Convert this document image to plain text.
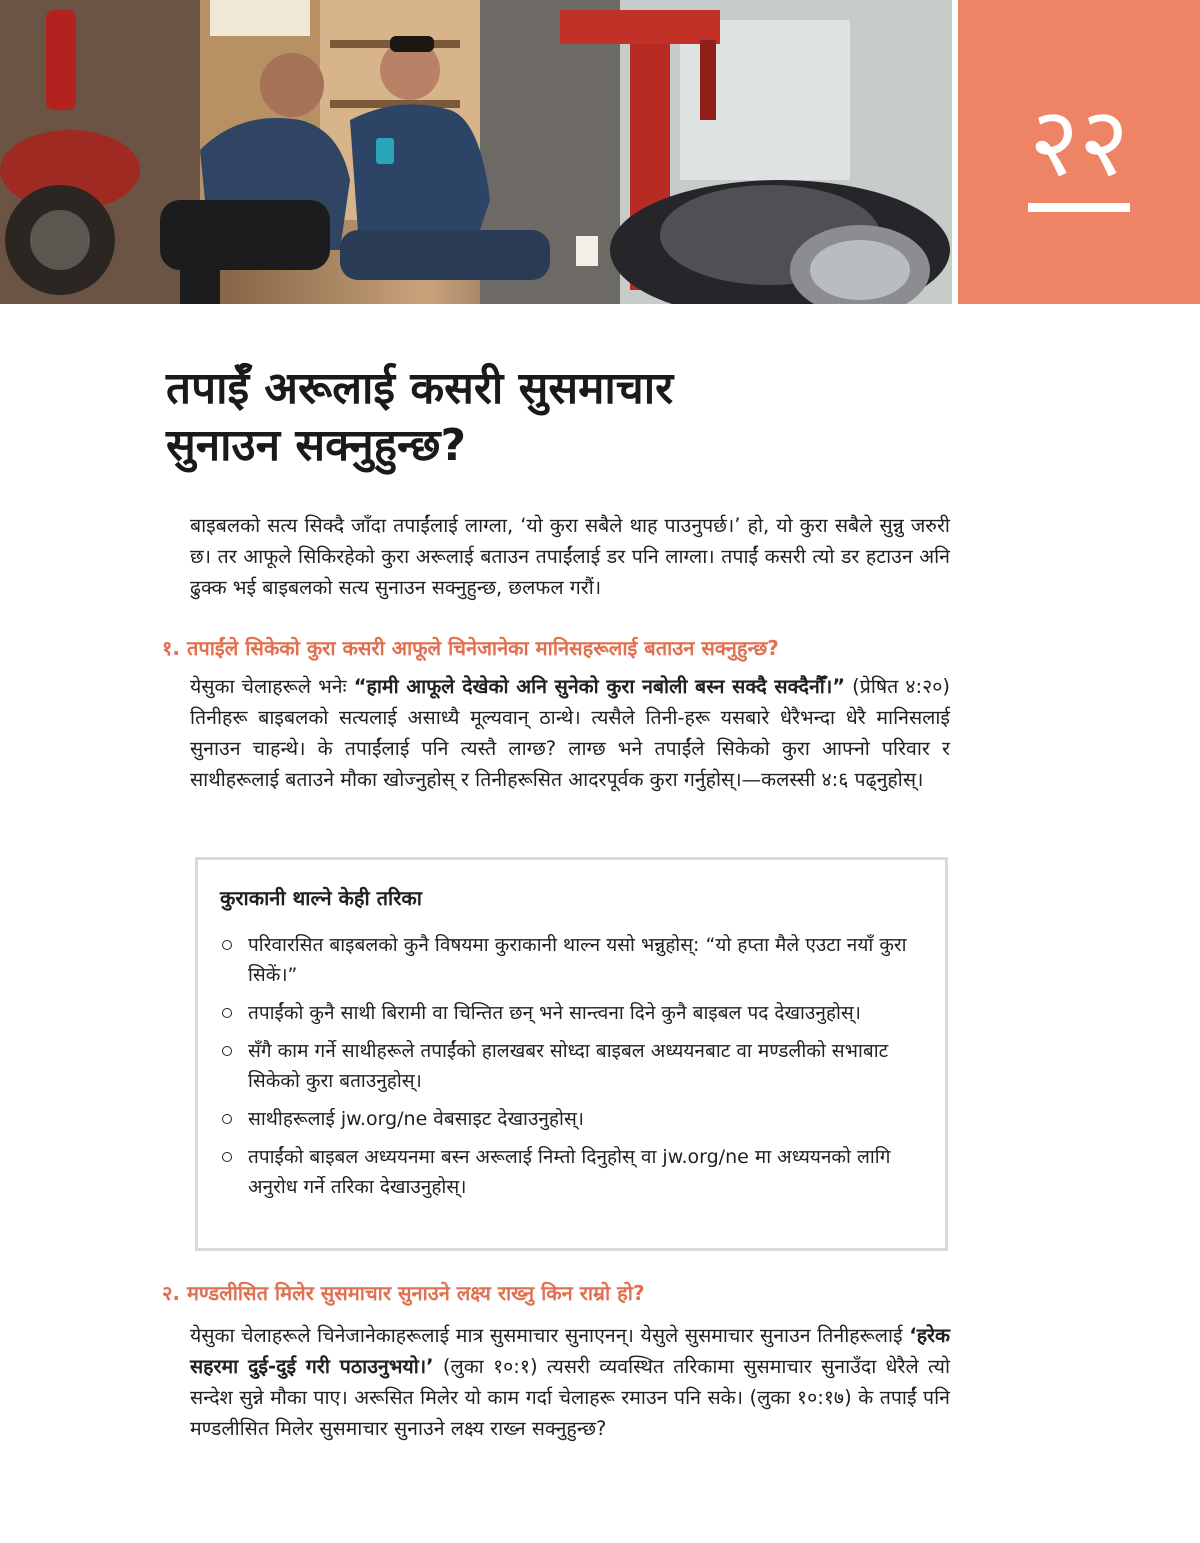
२२
तपाईँ अरूलाई कसरी सुसमाचार
सुनाउन सक्नुहुन्छ?

बाइबलको सत्य सिक्दै जाँदा तपाईंलाई लाग्ला, ‘यो कुरा सबैले थाह पाउनुपर्छ।’ हो, यो कुरा सबैले सुन्नु जरुरी छ। तर आफूले सिकिरहेको कुरा अरूलाई बताउन तपाईंलाई डर पनि लाग्ला। तपाईं कसरी त्यो डर हटाउन अनि ढुक्क भई बाइबलको सत्य सुनाउन सक्नुहुन्छ, छलफल गरौं।

१. तपाईंले सिकेको कुरा कसरी आफूले चिनेजानेका मानिसहरूलाई बताउन सक्नुहुन्छ?

येसुका चेलाहरूले भनेः “हामी आफूले देखेको अनि सुनेको कुरा नबोली बस्न सक्दै सक्दैनौँ।” (प्रेषित ४:२०) तिनीहरू बाइबलको सत्यलाई असाध्यै मूल्यवान् ठान्थे। त्यसैले तिनी-हरू यसबारे धेरैभन्दा धेरै मानिसलाई सुनाउन चाहन्थे। के तपाईंलाई पनि त्यस्तै लाग्छ? लाग्छ भने तपाईंले सिकेको कुरा आफ्नो परिवार र साथीहरूलाई बताउने मौका खोज्नुहोस् र तिनीहरूसित आदरपूर्वक कुरा गर्नुहोस्।—कलस्सी ४:६ पढ्नुहोस्।

कुराकानी थाल्ने केही तरिका

परिवारसित बाइबलको कुनै विषयमा कुराकानी थाल्न यसो भन्नुहोस्: “यो हप्ता मैले एउटा नयाँ कुरा सिकें।”
तपाईंको कुनै साथी बिरामी वा चिन्तित छन् भने सान्त्वना दिने कुनै बाइबल पद देखाउनुहोस्।
सँगै काम गर्ने साथीहरूले तपाईंको हालखबर सोध्दा बाइबल अध्ययनबाट वा मण्डलीको सभाबाट सिकेको कुरा बताउनुहोस्।
साथीहरूलाई jw.org/ne वेबसाइट देखाउनुहोस्।
तपाईंको बाइबल अध्ययनमा बस्न अरूलाई निम्तो दिनुहोस् वा jw.org/ne मा अध्ययनको लागि अनुरोध गर्ने तरिका देखाउनुहोस्।

२. मण्डलीसित मिलेर सुसमाचार सुनाउने लक्ष्य राख्नु किन राम्रो हो?

येसुका चेलाहरूले चिनेजानेकाहरूलाई मात्र सुसमाचार सुनाएनन्। येसुले सुसमाचार सुनाउन तिनीहरूलाई ‘हरेक सहरमा दुई-दुई गरी पठाउनुभयो।’ (लुका १०:१) त्यसरी व्यवस्थित तरिकामा सुसमाचार सुनाउँदा धेरैले त्यो सन्देश सुन्ने मौका पाए। अरूसित मिलेर यो काम गर्दा चेलाहरू रमाउन पनि सके। (लुका १०:१७) के तपाईं पनि मण्डलीसित मिलेर सुसमाचार सुनाउने लक्ष्य राख्न सक्नुहुन्छ?
